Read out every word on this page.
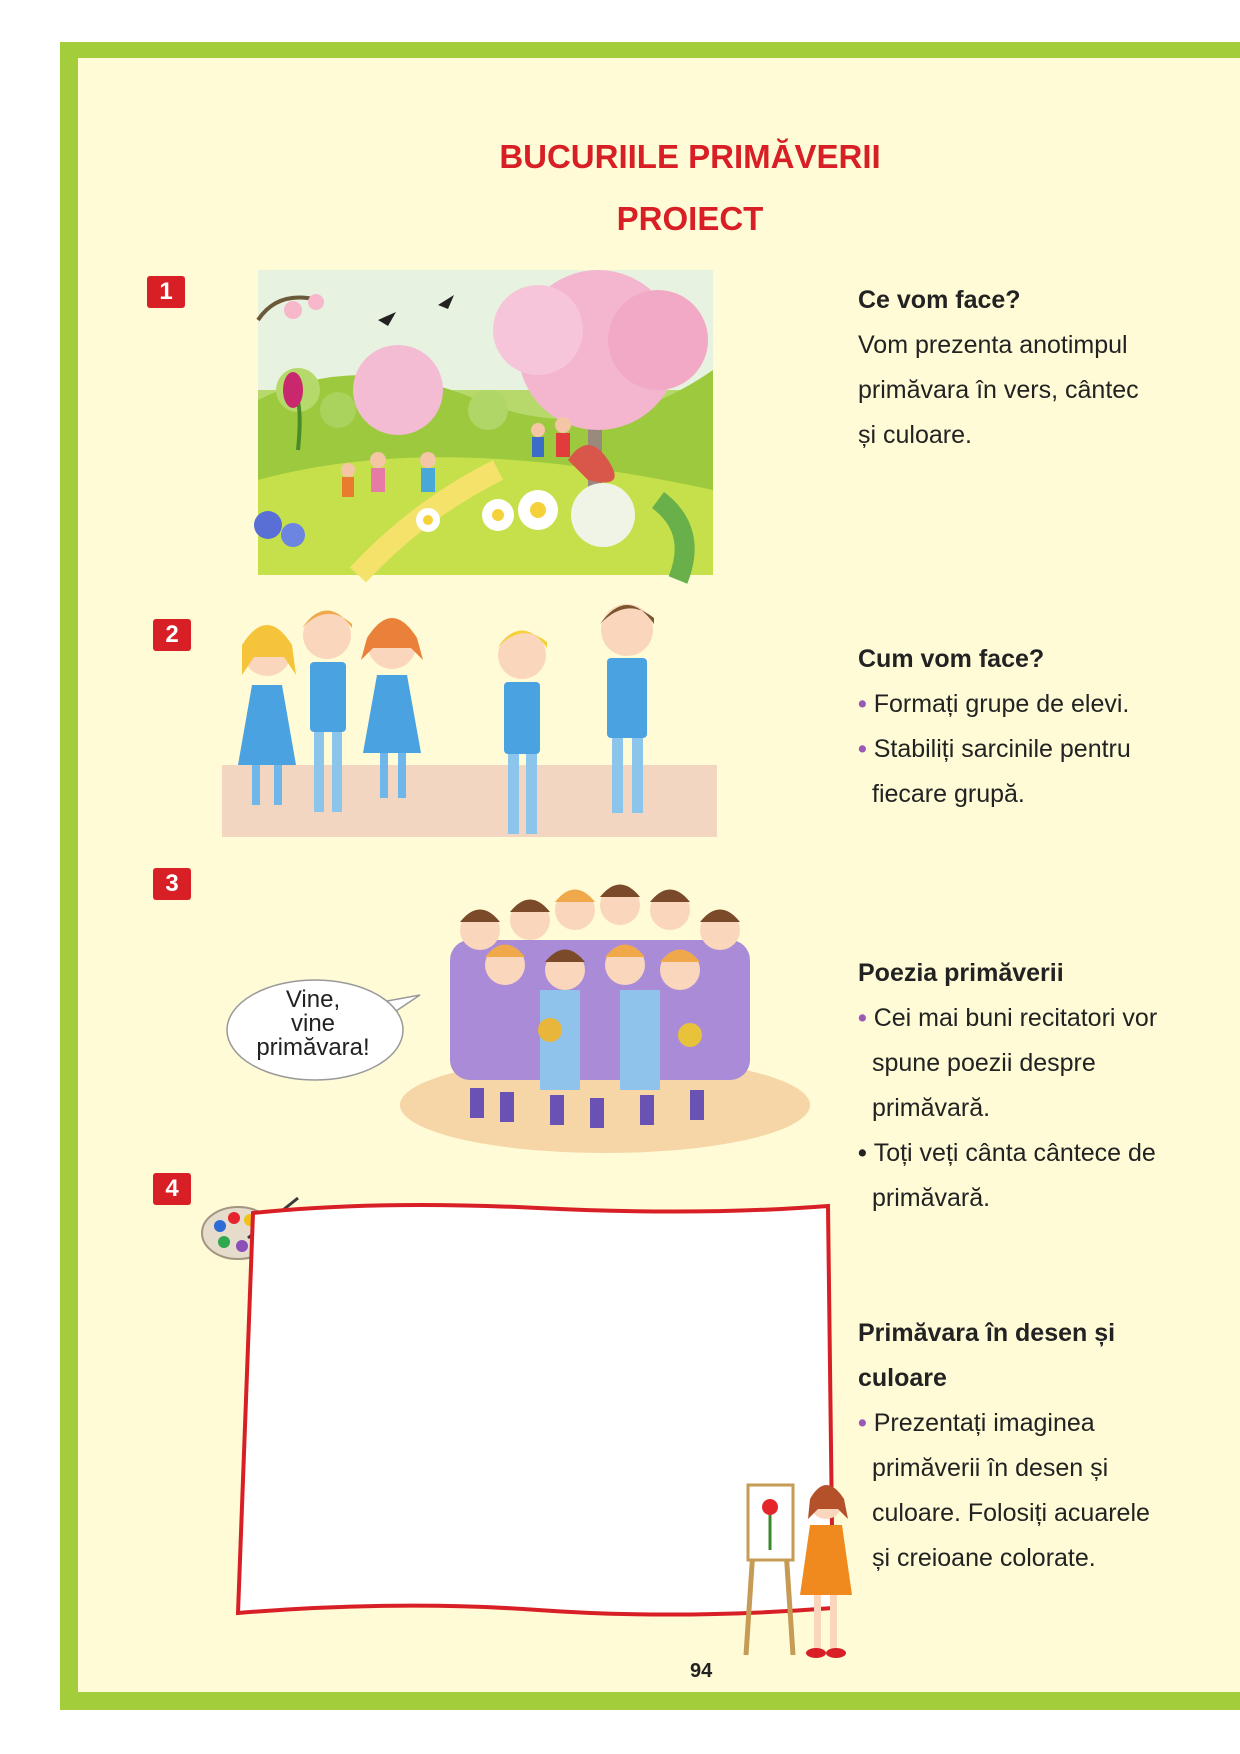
BUCURIILE PRIMĂVERII
PROIECT
1
2
3
4
Vine,
vine
primăvara!
Ce vom face?

Vom prezenta anotimpul primăvara în vers, cântec și culoare.

Cum vom face?

• Formați grupe de elevi.

• Stabiliți sarcinile pentru fiecare grupă.

Poezia primăverii

• Cei mai buni recitatori vor spune poezii despre primăvară.

• Toți veți cânta cântece de primăvară.

Primăvara în desen și culoare

• Prezentați imaginea primăverii în desen și culoare. Folosiți acuarele și creioane colorate.

94
